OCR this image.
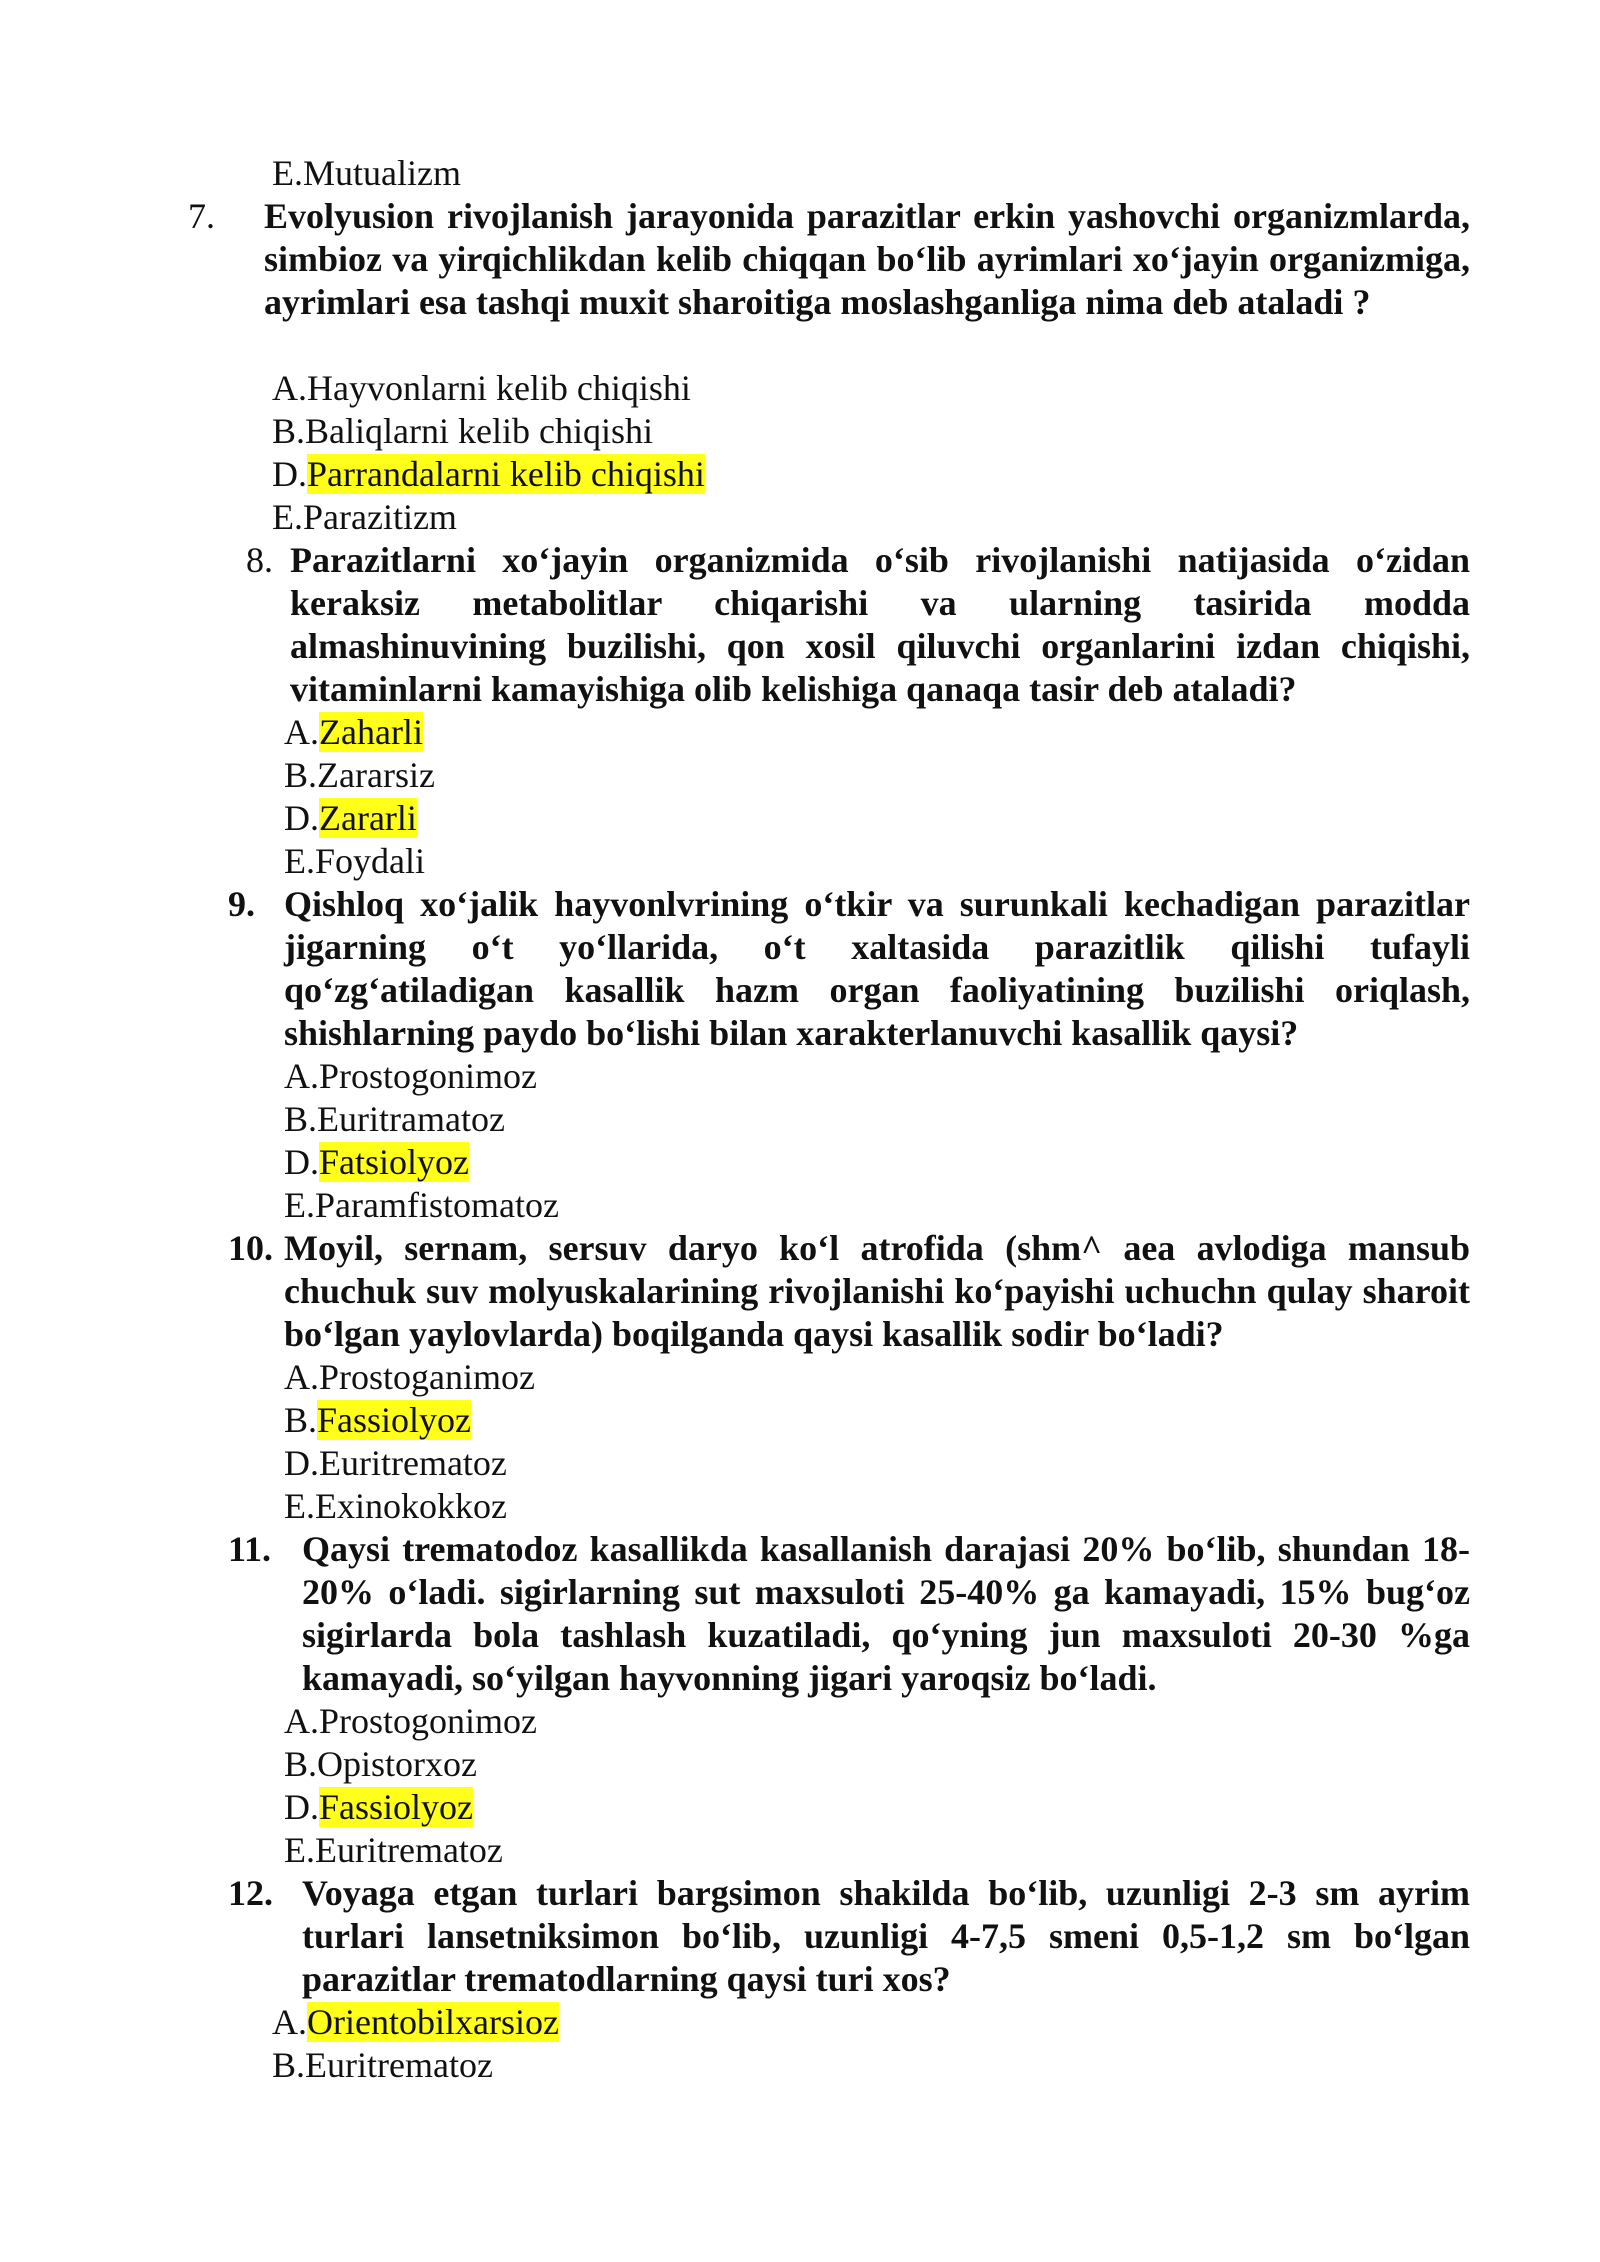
E.Mutualizm
7. Evolyusion rivojlanish jarayonida parazitlar erkin yashovchi organizmlarda, simbioz va yirqichlikdan kelib chiqqan bo‘lib ayrimlari xo‘jayin organizmiga, ayrimlari esa tashqi muxit sharoitiga moslashganliga nima deb ataladi ?
A.Hayvonlarni kelib chiqishi
B.Baliqlarni kelib chiqishi
D.Parrandalarni kelib chiqishi
E.Parazitizm
8. Parazitlarni xo‘jayin organizmida o‘sib rivojlanishi natijasida o‘zidan keraksiz metabolitlar chiqarishi va ularning tasirida modda almashinuvining buzilishi, qon xosil qiluvchi organlarini izdan chiqishi, vitaminlarni kamayishiga olib kelishiga qanaqa tasir deb ataladi?
A.Zaharli
B.Zararsiz
D.Zararli
E.Foydali
9. Qishloq xo‘jalik hayvonlvrining o‘tkir va surunkali kechadigan parazitlar jigarning o‘t yo‘llarida, o‘t xaltasida parazitlik qilishi tufayli qo‘zg‘atiladigan kasallik hazm organ faoliyatining buzilishi oriqlash, shishlarning paydo bo‘lishi bilan xarakterlanuvchi kasallik qaysi?
A.Prostogonimoz
B.Euritramatoz
D.Fatsiolyoz
E.Paramfistomatoz
10. Moyil, sernam, sersuv daryo ko‘l atrofida (shm^ aea avlodiga mansub chuchuk suv molyuskalarining rivojlanishi ko‘payishi uchuchn qulay sharoit bo‘lgan yaylovlarda) boqilganda qaysi kasallik sodir bo‘ladi?
A.Prostoganimoz
B.Fassiolyoz
D.Euritrematoz
E.Exinokokkoz
11. Qaysi trematodoz kasallikda kasallanish darajasi 20% bo‘lib, shundan 18-20% o‘ladi. sigirlarning sut maxsuloti 25-40% ga kamayadi, 15% bug‘oz sigirlarda bola tashlash kuzatiladi, qo‘yning jun maxsuloti 20-30 %ga kamayadi, so‘yilgan hayvonning jigari yaroqsiz bo‘ladi.
A.Prostogonimoz
B.Opistorxoz
D.Fassiolyoz
E.Euritrematoz
12. Voyaga etgan turlari bargsimon shakilda bo‘lib, uzunligi 2-3 sm ayrim turlari lansetniksimon bo‘lib, uzunligi 4-7,5 smeni 0,5-1,2 sm bo‘lgan parazitlar trematodlarning qaysi turi xos?
A.Orientobilxarsioz
B.Euritrematoz
